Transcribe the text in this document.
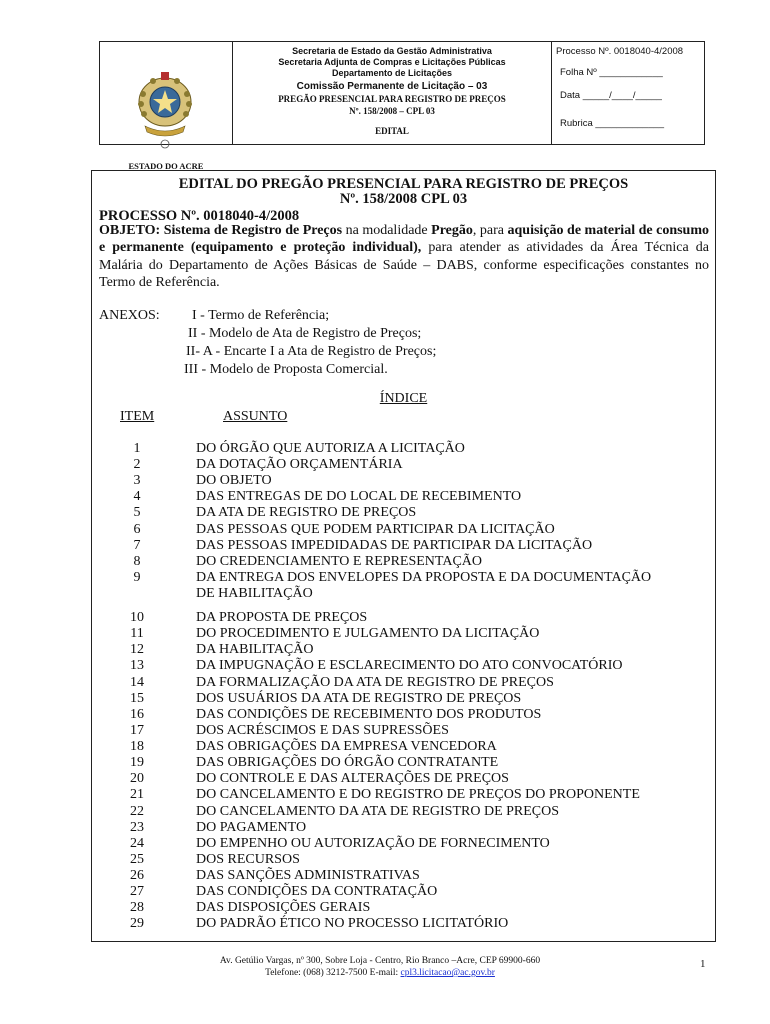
ESTADO DO ACRE
Secretaria de Estado da Gestão Administrativa
Secretaria Adjunta de Compras e Licitações Públicas
Departamento de Licitações
Comissão Permanente de Licitação – 03
PREGÃO PRESENCIAL PARA REGISTRO DE PREÇOS
Nº. 158/2008 – CPL 03
EDITAL
Processo Nº. 0018040-4/2008
Folha Nº ____________
Data _____/____/_____
Rubrica _____________
EDITAL DO PREGÃO PRESENCIAL PARA REGISTRO DE PREÇOS
Nº. 158/2008 CPL 03
PROCESSO Nº. 0018040-4/2008
OBJETO: Sistema de Registro de Preços na modalidade Pregão, para aquisição de material de consumo e permanente (equipamento e proteção individual), para atender as atividades da Área Técnica da Malária do Departamento de Ações Básicas de Saúde – DABS, conforme especificações constantes no Termo de Referência.
ANEXOS: I - Termo de Referência;
II - Modelo de Ata de Registro de Preços;
II- A - Encarte I a Ata de Registro de Preços;
III - Modelo de Proposta Comercial.
ÍNDICE
ITEM	ASSUNTO
1	DO ÓRGÃO QUE AUTORIZA A LICITAÇÃO
2	DA DOTAÇÃO ORÇAMENTÁRIA
3	DO OBJETO
4	DAS ENTREGAS DE DO LOCAL DE RECEBIMENTO
5	DA ATA DE REGISTRO DE PREÇOS
6	DAS PESSOAS QUE PODEM PARTICIPAR DA LICITAÇÃO
7	DAS PESSOAS IMPEDIDADAS DE PARTICIPAR DA LICITAÇÃO
8	DO CREDENCIAMENTO E REPRESENTAÇÃO
9	DA ENTREGA DOS ENVELOPES DA PROPOSTA E DA DOCUMENTAÇÃO
DE HABILITAÇÃO
10	DA PROPOSTA DE PREÇOS
11	DO PROCEDIMENTO E JULGAMENTO DA LICITAÇÃO
12	DA HABILITAÇÃO
13	DA IMPUGNAÇÃO E ESCLARECIMENTO DO ATO CONVOCATÓRIO
14	DA FORMALIZAÇÃO DA ATA DE REGISTRO DE PREÇOS
15	DOS USUÁRIOS DA ATA DE REGISTRO DE PREÇOS
16	DAS CONDIÇÕES DE RECEBIMENTO DOS PRODUTOS
17	DOS ACRÉSCIMOS E DAS SUPRESSÕES
18	DAS OBRIGAÇÕES DA EMPRESA VENCEDORA
19	DAS OBRIGAÇÕES DO ÓRGÃO CONTRATANTE
20	DO CONTROLE E DAS ALTERAÇÕES DE PREÇOS
21	DO CANCELAMENTO E DO REGISTRO DE PREÇOS DO PROPONENTE
22	DO CANCELAMENTO DA ATA DE REGISTRO DE PREÇOS
23	DO PAGAMENTO
24	DO EMPENHO OU AUTORIZAÇÃO DE FORNECIMENTO
25	DOS RECURSOS
26	DAS SANÇÕES ADMINISTRATIVAS
27	DAS CONDIÇÕES DA CONTRATAÇÃO
28	DAS DISPOSIÇÕES GERAIS
29	DO PADRÃO ÉTICO NO PROCESSO LICITATÓRIO
Av. Getúlio Vargas, nº 300, Sobre Loja - Centro, Rio Branco –Acre, CEP 69900-660
Telefone: (068) 3212-7500 E-mail: cpl3.licitacao@ac.gov.br
1
